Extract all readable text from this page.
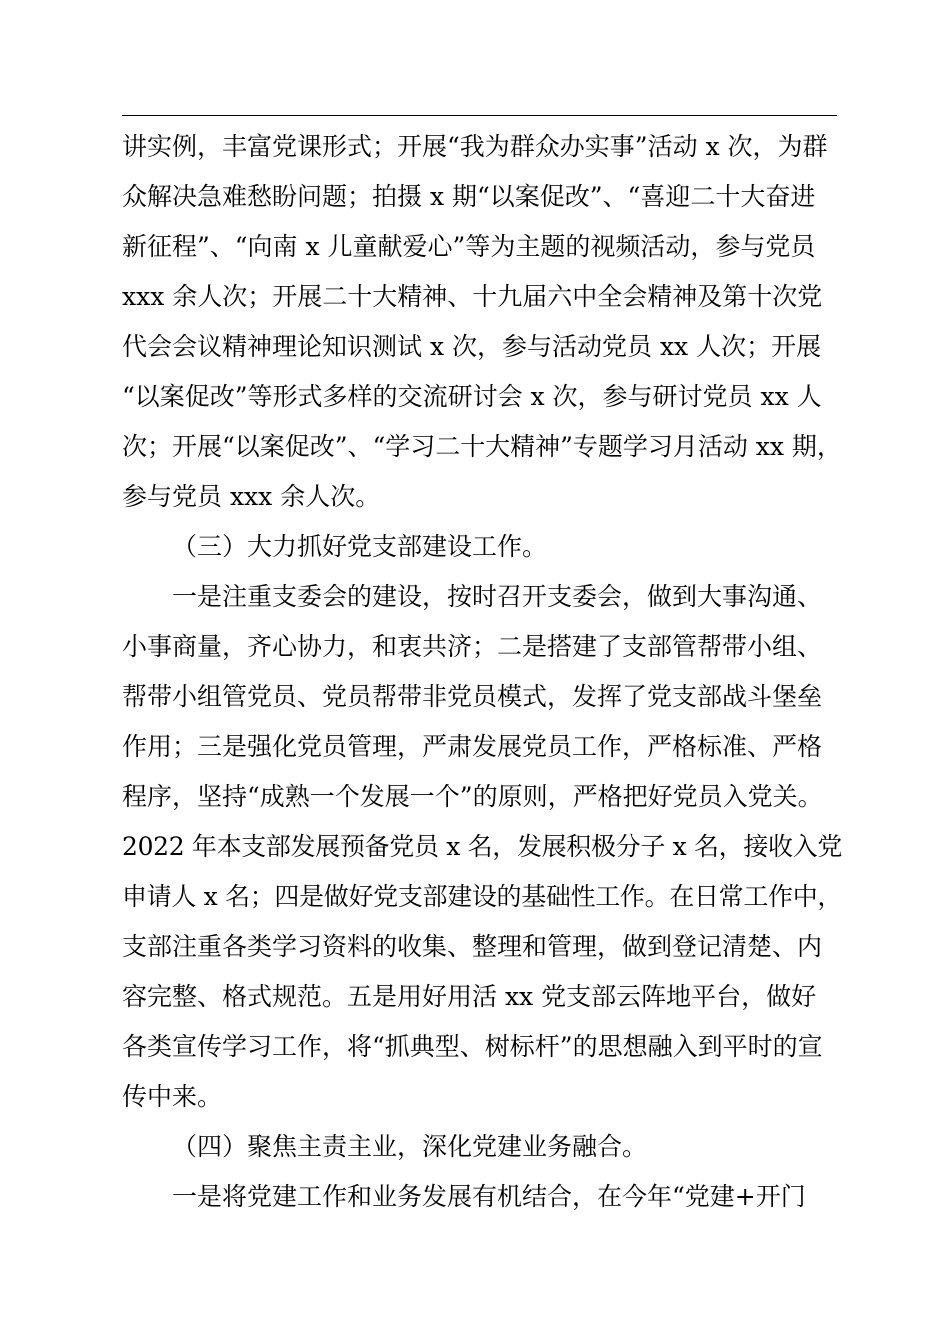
讲实例，丰富党课形式；开展“我为群众办实事”活动 x 次，为群
众解决急难愁盼问题；拍摄 x 期“以案促改”、“喜迎二十大奋进
新征程”、“向南 x 儿童献爱心”等为主题的视频活动，参与党员
xxx 余人次；开展二十大精神、十九届六中全会精神及第十次党
代会会议精神理论知识测试 x 次，参与活动党员 xx 人次；开展
“以案促改”等形式多样的交流研讨会 x 次，参与研讨党员 xx 人
次；开展“以案促改”、“学习二十大精神”专题学习月活动 xx 期，
参与党员 xxx 余人次。
（三）大力抓好党支部建设工作。
一是注重支委会的建设，按时召开支委会，做到大事沟通、
小事商量，齐心协力，和衷共济；二是搭建了支部管帮带小组、
帮带小组管党员、党员帮带非党员模式，发挥了党支部战斗堡垒
作用；三是强化党员管理，严肃发展党员工作，严格标准、严格
程序，坚持“成熟一个发展一个”的原则，严格把好党员入党关。
2022 年本支部发展预备党员 x 名，发展积极分子 x 名，接收入党
申请人 x 名；四是做好党支部建设的基础性工作。在日常工作中，
支部注重各类学习资料的收集、整理和管理，做到登记清楚、内
容完整、格式规范。五是用好用活 xx 党支部云阵地平台，做好
各类宣传学习工作，将“抓典型、树标杆”的思想融入到平时的宣
传中来。
（四）聚焦主责主业，深化党建业务融合。
一是将党建工作和业务发展有机结合，在今年“党建+开门
